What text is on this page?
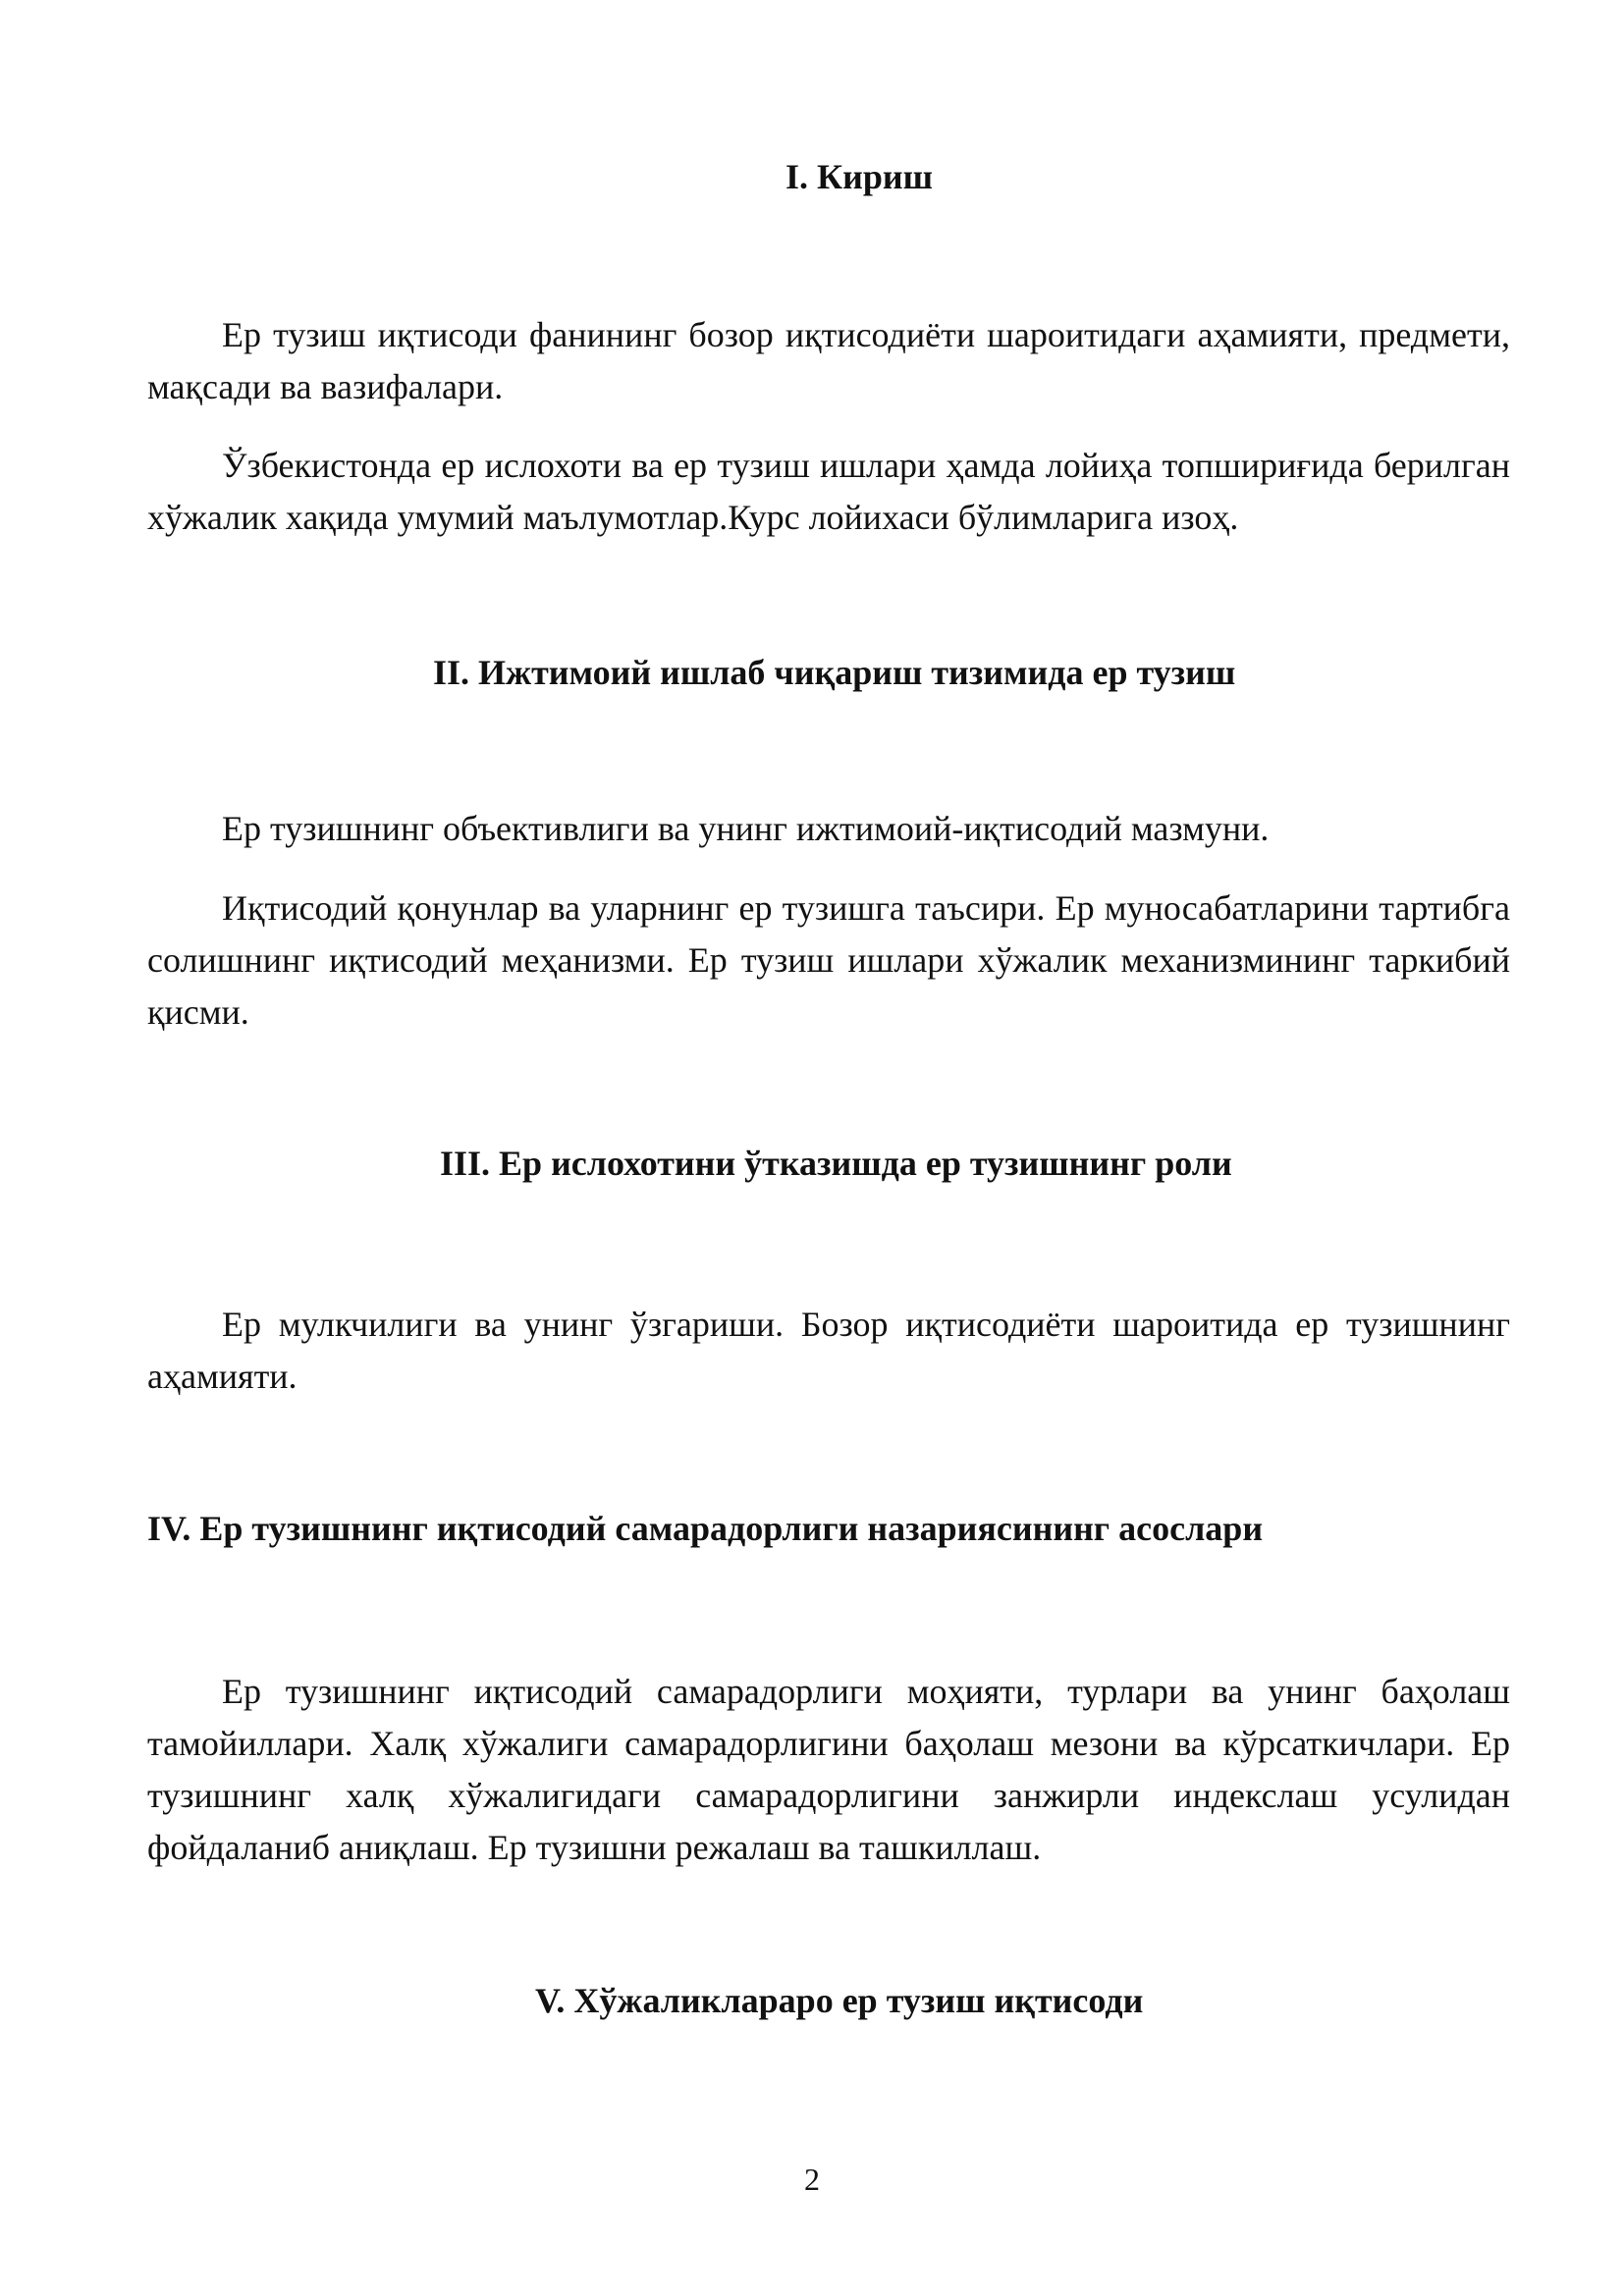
I. Кириш

Ер тузиш иқтисоди фанининг бозор иқтисодиёти шароитидаги аҳамияти, предмети, мақсади ва вазифалари.

Ўзбекистонда ер ислохоти ва ер тузиш ишлари ҳамда лойиҳа топшириғида берилган хўжалик хақида умумий маълумотлар.Курс лойихаси бўлимларига изоҳ.

II. Ижтимоий ишлаб чиқариш тизимида ер тузиш

Ер тузишнинг объективлиги ва унинг ижтимоий-иқтисодий мазмуни.

Иқтисодий қонунлар ва уларнинг ер тузишга таъсири. Ер муносабатларини тартибга солишнинг иқтисодий меҳанизми. Ер тузиш ишлари хўжалик механизмининг таркибий қисми.

III. Ер ислохотини ўтказишда ер тузишнинг роли

Ер мулкчилиги ва унинг ўзгариши. Бозор иқтисодиёти шароитида ер тузишнинг аҳамияти.

IV. Ер тузишнинг иқтисодий самарадорлиги назариясининг асослари

Ер тузишнинг иқтисодий самарадорлиги моҳияти, турлари ва унинг баҳолаш тамойиллари. Халқ хўжалиги самарадорлигини баҳолаш мезони ва кўрсаткичлари. Ер тузишнинг халқ хўжалигидаги самарадорлигини занжирли индекслаш усулидан фойдаланиб аниқлаш. Ер тузишни режалаш ва ташкиллаш.

V. Хўжаликлараро ер тузиш иқтисоди
2
